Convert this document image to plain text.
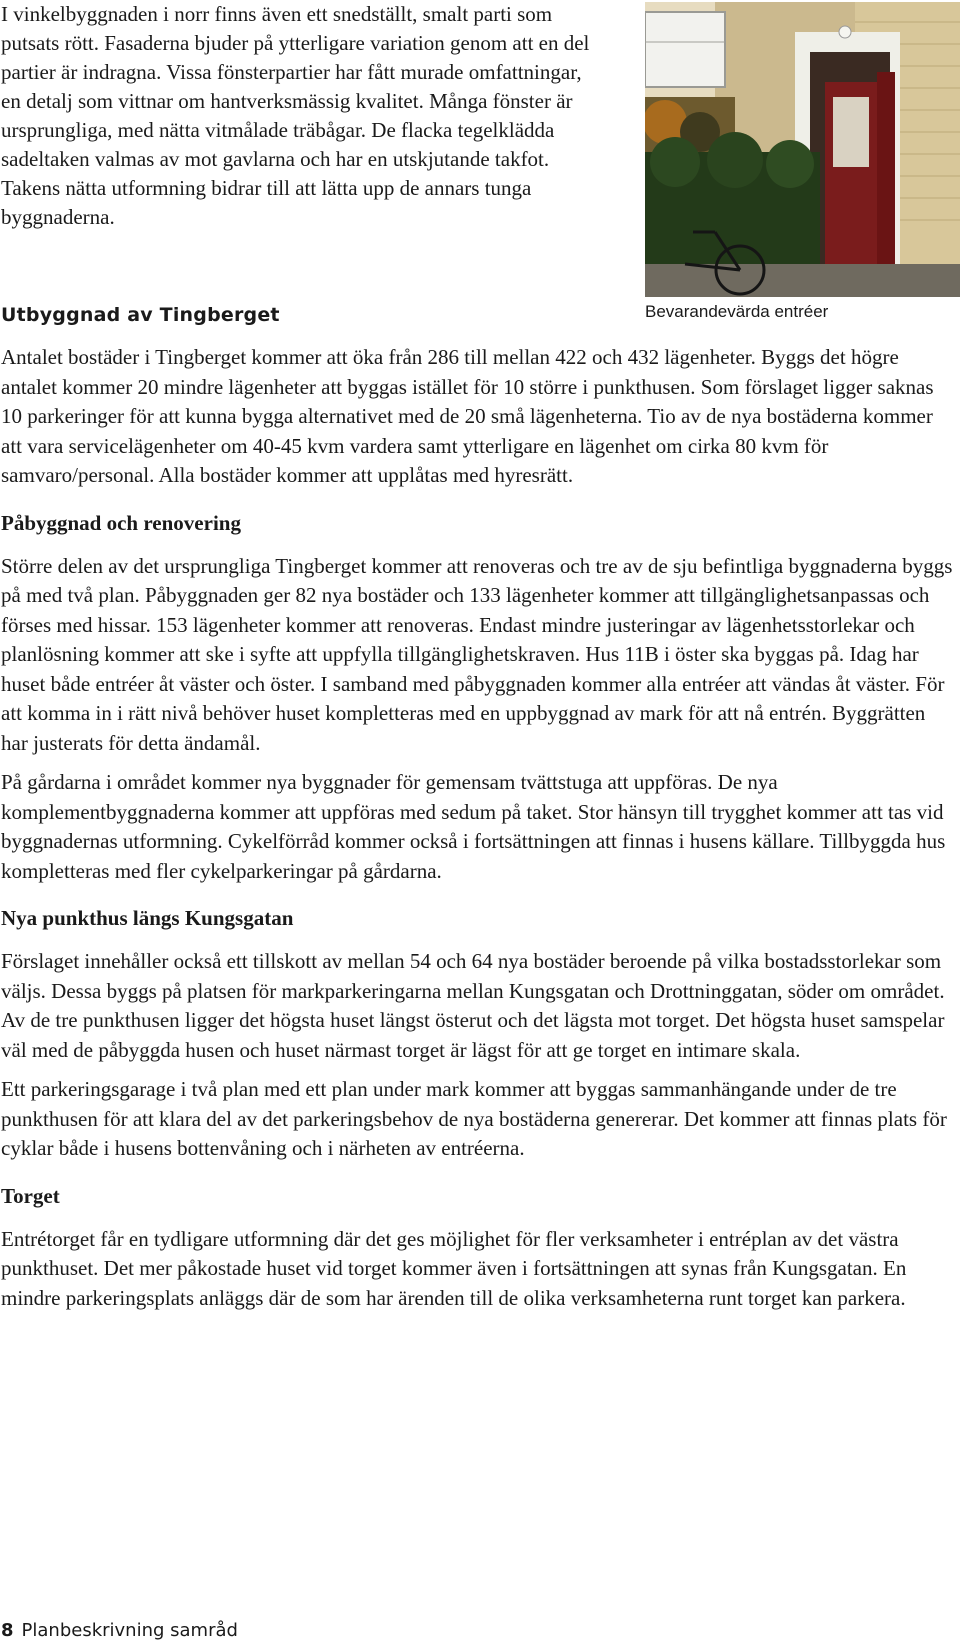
I vinkelbyggnaden i norr finns även ett snedställt, smalt parti som putsats rött. Fasaderna bjuder på ytterligare variation genom att en del partier är indragna. Vissa fönsterpartier har fått murade omfattningar, en detalj som vittnar om hantverksmässig kvalitet. Många fönster är ursprungliga, med nätta vitmålade träbågar. De flacka tegelklädda sadeltaken valmas av mot gavlarna och har en utskjutande takfot. Takens nätta utformning bidrar till att lätta upp de annars tunga byggnaderna.

Bevarandevärda entréer
Utbyggnad av Tingberget

Antalet bostäder i Tingberget kommer att öka från 286 till mellan 422 och 432 lägenheter. Byggs det högre antalet kommer 20 mindre lägenheter att byggas istället för 10 större i punkthusen. Som förslaget ligger saknas 10 parkeringer för att kunna bygga alternativet med de 20 små lägenheterna. Tio av de nya bostäderna kommer att vara servicelägenheter om 40-45 kvm vardera samt ytterligare en lägenhet om cirka 80 kvm för samvaro/personal. Alla bostäder kommer att upplåtas med hyresrätt.

Påbyggnad och renovering

Större delen av det ursprungliga Tingberget kommer att renoveras och tre av de sju befintliga byggnaderna byggs på med två plan. Påbyggnaden ger 82 nya bostäder och 133 lägenheter kommer att tillgänglighetsanpassas och förses med hissar. 153 lägenheter kommer att renoveras. Endast mindre justeringar av lägenhetsstorlekar och planlösning kommer att ske i syfte att uppfylla tillgänglighetskraven. Hus 11B i öster ska byggas på. Idag har huset både entréer åt väster och öster. I samband med påbyggnaden kommer alla entréer att vändas åt väster. För att komma in i rätt nivå behöver huset kompletteras med en uppbyggnad av mark för att nå entrén. Byggrätten har justerats för detta ändamål.

På gårdarna i området kommer nya byggnader för gemensam tvättstuga att uppföras. De nya komplementbyggnaderna kommer att uppföras med sedum på taket. Stor hänsyn till trygghet kommer att tas vid byggnadernas utformning. Cykelförråd kommer också i fortsättningen att finnas i husens källare. Tillbyggda hus kompletteras med fler cykelparkeringar på gårdarna.

Nya punkthus längs Kungsgatan

Förslaget innehåller också ett tillskott av mellan 54 och 64 nya bostäder beroende på vilka bostadsstorlekar som väljs. Dessa byggs på platsen för markparkeringarna mellan Kungsgatan och Drottninggatan, söder om området. Av de tre punkthusen ligger det högsta huset längst österut och det lägsta mot torget. Det högsta huset samspelar väl med de påbyggda husen och huset närmast torget är lägst för att ge torget en intimare skala.

Ett parkeringsgarage i två plan med ett plan under mark kommer att byggas sammanhängande under de tre punkthusen för att klara del av det parkeringsbehov de nya bostäderna genererar. Det kommer att finnas plats för cyklar både i husens bottenvåning och i närheten av entréerna.

Torget

Entrétorget får en tydligare utformning där det ges möjlighet för fler verksamheter i entréplan av det västra punkthuset. Det mer påkostade huset vid torget kommer även i fortsättningen att synas från Kungsgatan. En mindre parkeringsplats anläggs där de som har ärenden till de olika verksamheterna runt torget kan parkera.

8 Planbeskrivning samråd
